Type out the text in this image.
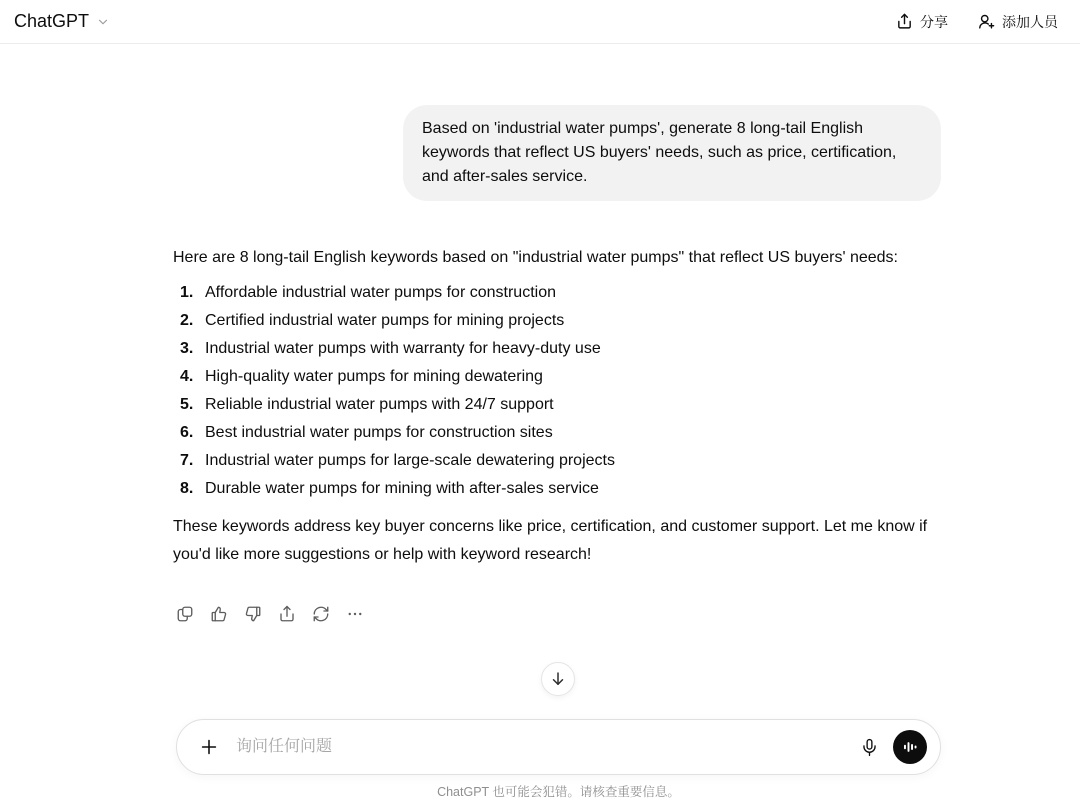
ChatGPT	分享	添加人员
Based on 'industrial water pumps', generate 8 long-tail English keywords that reflect US buyers' needs, such as price, certification, and after-sales service.

Here are 8 long-tail English keywords based on "industrial water pumps" that reflect US buyers' needs:

Affordable industrial water pumps for construction
Certified industrial water pumps for mining projects
Industrial water pumps with warranty for heavy-duty use
High-quality water pumps for mining dewatering
Reliable industrial water pumps with 24/7 support
Best industrial water pumps for construction sites
Industrial water pumps for large-scale dewatering projects
Durable water pumps for mining with after-sales service

These keywords address key buyer concerns like price, certification, and customer support. Let me know if you'd like more suggestions or help with keyword research!

询问任何问题
ChatGPT 也可能会犯错。请核查重要信息。
